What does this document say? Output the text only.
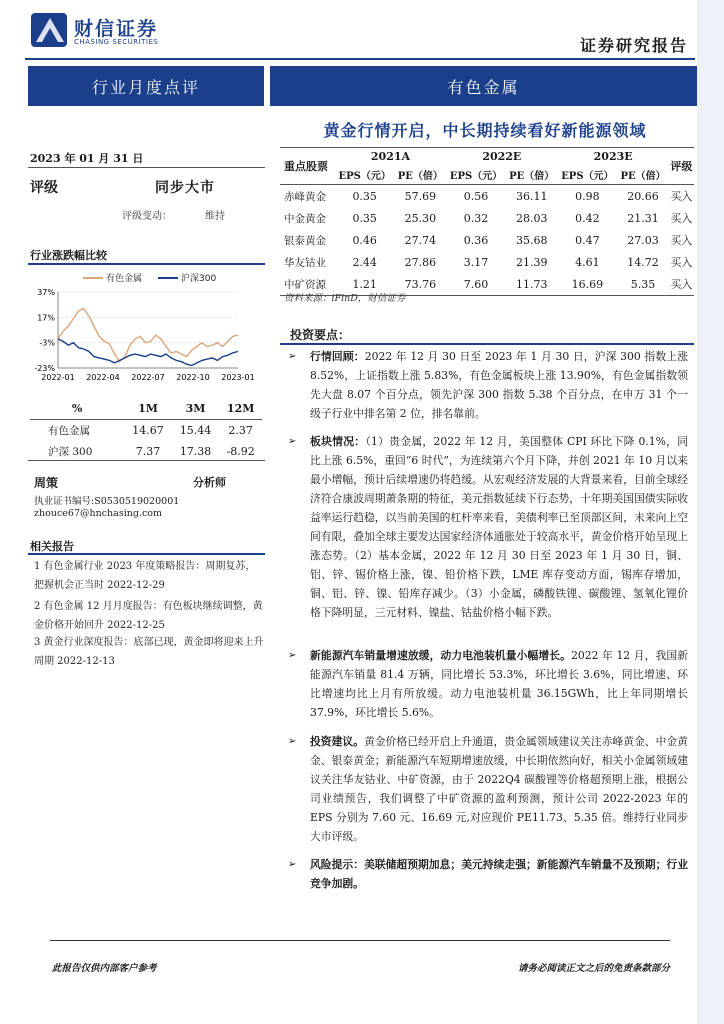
财信证券
CHASING SECURITIES	证券研究报告
行业月度点评	有色金属
黄金行情开启，中长期持续看好新能源领域
2023 年 01 月 31 日
评级	同步大市
评级变动：	维持
行业涨跌幅比较
有色金属	沪深300
37%
17%
-3%
-23%
2022-01 2022-04 2022-07 2022-10 2023-01
%	1M	3M	12M
有色金属	14.67	15.44	2.37
沪深 300	7.37	17.38	-8.92
周策	分析师
执业证书编号:S0530519020001
zhouce67@hnchasing.com
相关报告
1 有色金属行业 2023 年度策略报告：周期复苏，把握机会正当时 2022-12-29
2 有色金属 12 月月度报告：有色板块继续调整，黄金价格开始回升 2022-12-25
3 黄金行业深度报告：底部已现，黄金即将迎来上升周期 2022-12-13
重点股票	2021A		2022E		2023E		评级
	EPS（元）	PE（倍）	EPS（元）	PE（倍）	EPS（元）	PE（倍）	
赤峰黄金	0.35	57.69	0.56	36.11	0.98	20.66	买入
中金黄金	0.35	25.30	0.32	28.03	0.42	21.31	买入
银泰黄金	0.46	27.74	0.36	35.68	0.47	27.03	买入
华友钴业	2.44	27.86	3.17	21.39	4.61	14.72	买入
中矿资源	1.21	73.76	7.60	11.73	16.69	5.35	买入
资料来源：iFinD，财信证券
投资要点：
➢ 行情回顾：2022 年 12 月 30 日至 2023 年 1 月 30 日，沪深 300 指数上涨 8.52%，上证指数上涨 5.83%，有色金属板块上涨 13.90%，有色金属指数领先大盘 8.07 个百分点，领先沪深 300 指数 5.38 个百分点，在申万 31 个一级子行业中排名第 2 位，排名靠前。
➢ 板块情况：（1）贵金属，2022 年 12 月，美国整体 CPI 环比下降 0.1%，同比上涨 6.5%，重回“6 时代”，为连续第六个月下降，并创 2021 年 10 月以来最小增幅，预计后续增速仍将趋缓。从宏观经济发展的大背景来看，目前全球经济符合康波周期萧条期的特征，美元指数延续下行态势，十年期美国国债实际收益率运行趋稳，以当前美国的杠杆率来看，美债利率已至顶部区间，未来向上空间有限，叠加全球主要发达国家经济体通胀处于较高水平，黄金价格开始呈现上涨态势。（2）基本金属，2022 年 12 月 30 日至 2023 年 1 月 30 日，铜、铝、锌、锡价格上涨，镍、铅价格下跌，LME 库存变动方面，锡库存增加，铜、铝、锌、镍、铅库存减少。（3）小金属，磷酸铁锂、碳酸锂、氢氧化锂价格下降明显，三元材料、镍盐、钴盐价格小幅下跌。
➢ 新能源汽车销量增速放缓，动力电池装机量小幅增长。2022 年 12 月，我国新能源汽车销量 81.4 万辆，同比增长 53.3%，环比增长 3.6%，同比增速、环比增速均比上月有所放缓。动力电池装机量 36.15GWh，比上年同期增长 37.9%，环比增长 5.6%。
➢ 投资建议。黄金价格已经开启上升通道，贵金属领域建议关注赤峰黄金、中金黄金、银泰黄金；新能源汽车短期增速放缓，中长期依然向好，相关小金属领域建议关注华友钴业、中矿资源，由于 2022Q4 碳酸锂等价格超预期上涨，根据公司业绩预告，我们调整了中矿资源的盈利预测，预计公司 2022-2023 年的 EPS 分别为 7.60 元、16.69 元,对应现价 PE11.73、5.35 倍。维持行业同步大市评级。
➢ 风险提示：美联储超预期加息；美元持续走强；新能源汽车销量不及预期；行业竞争加剧。
此报告仅供内部客户参考	请务必阅读正文之后的免责条款部分
